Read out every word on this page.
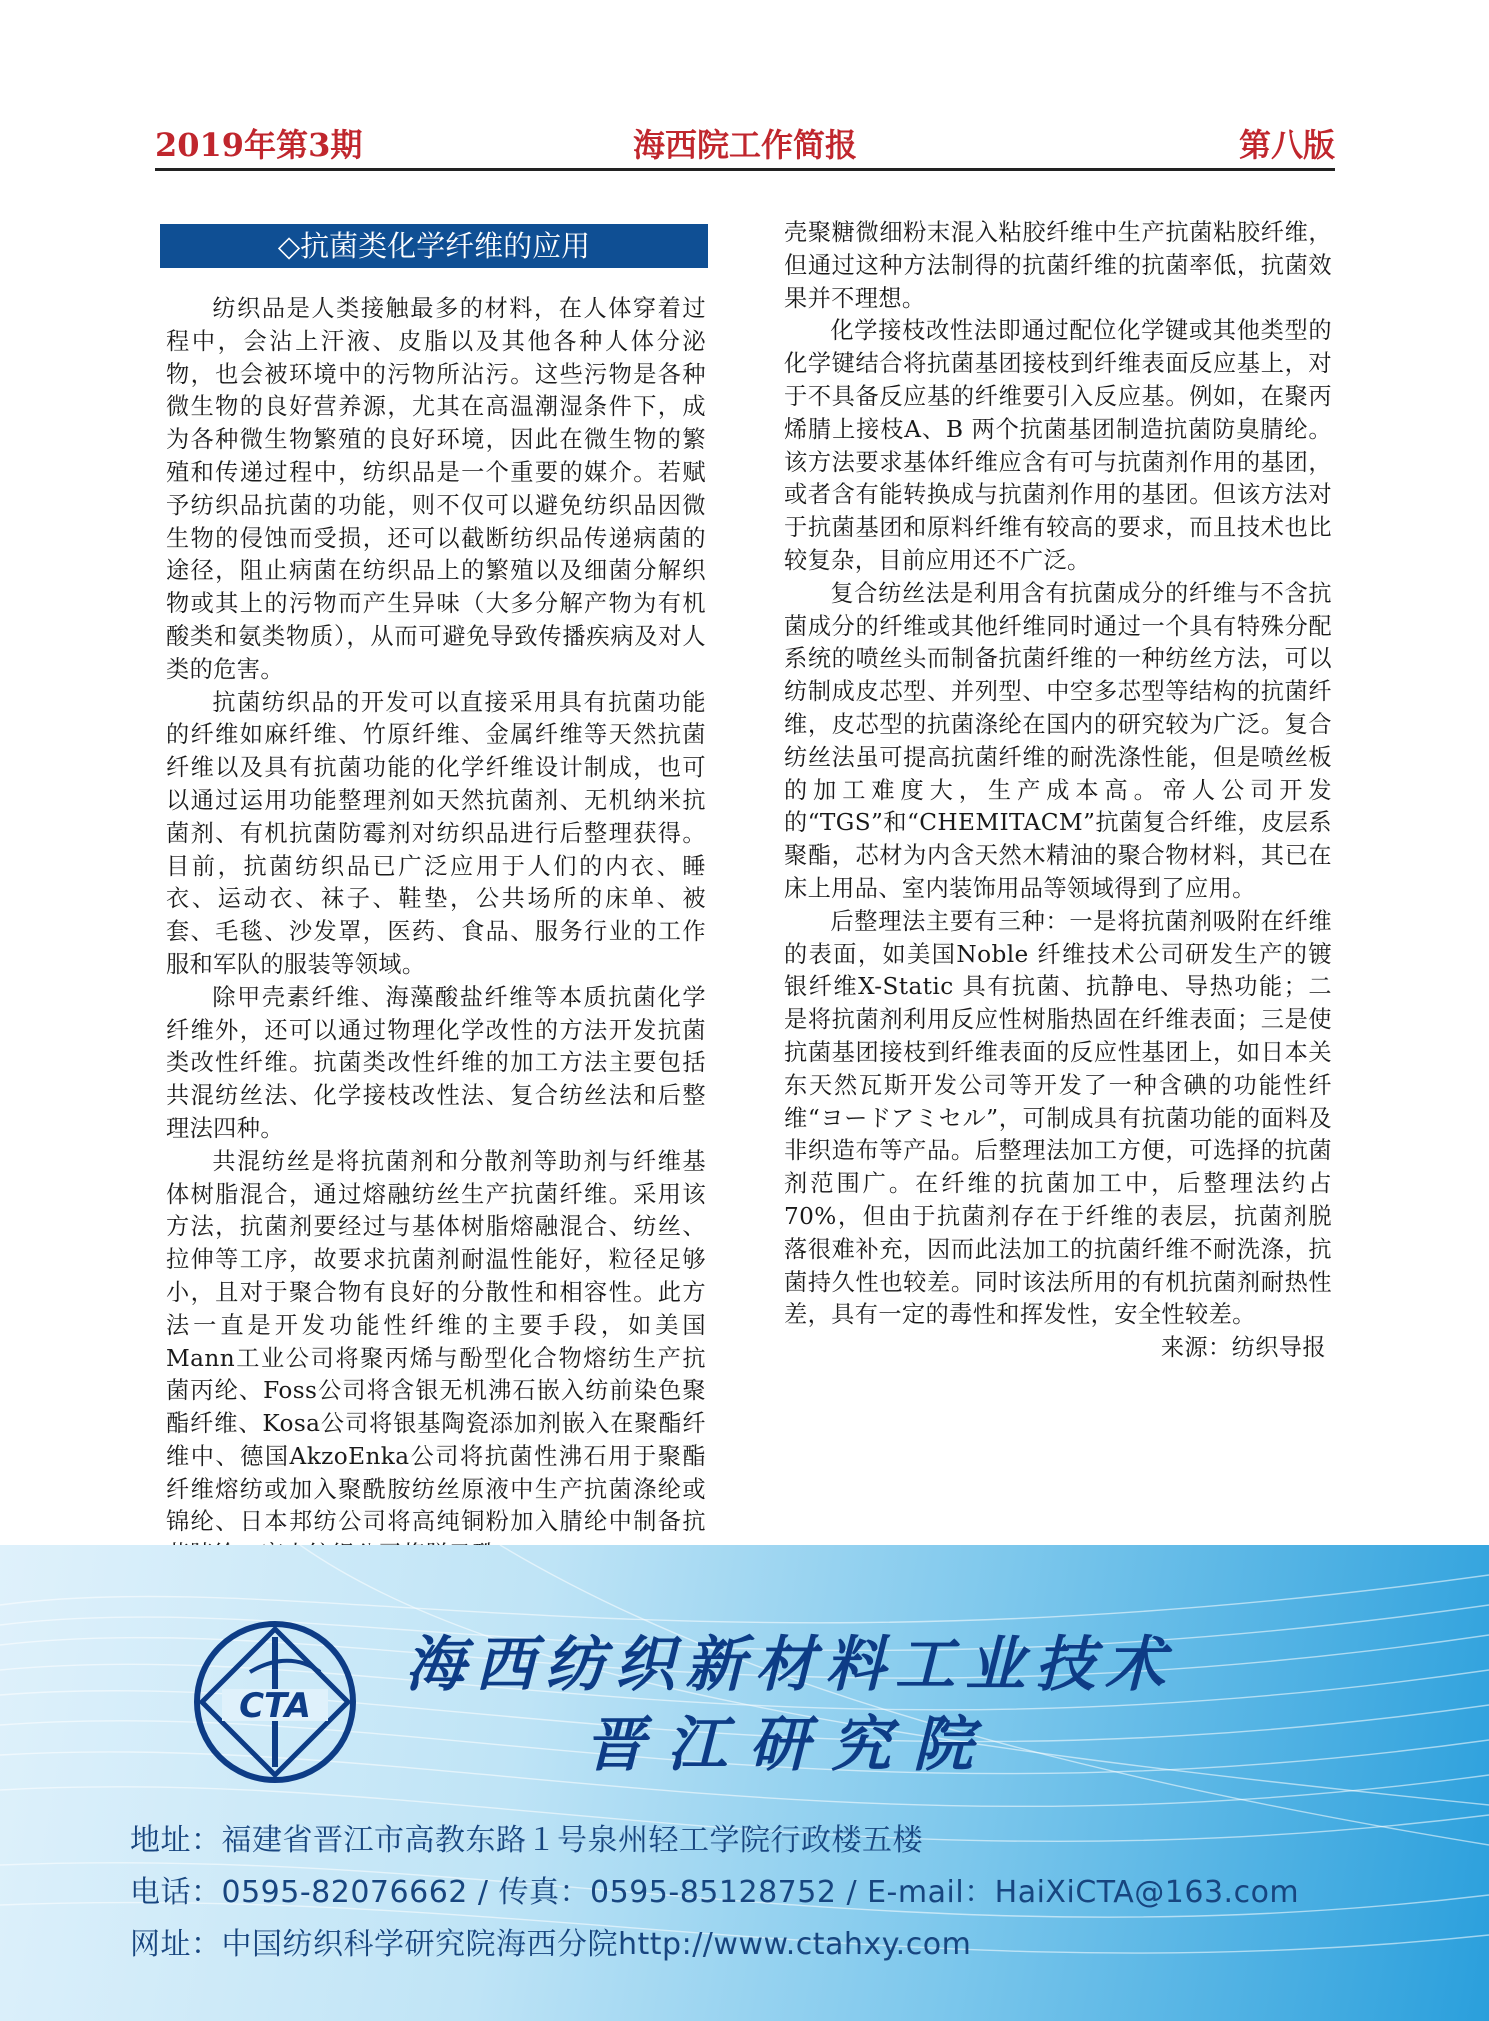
2019年第3期	海西院工作简报	第八版
◇抗菌类化学纤维的应用

纺织品是人类接触最多的材料，在人体穿着过程中，会沾上汗液、皮脂以及其他各种人体分泌物，也会被环境中的污物所沾污。这些污物是各种微生物的良好营养源，尤其在高温潮湿条件下，成为各种微生物繁殖的良好环境，因此在微生物的繁殖和传递过程中，纺织品是一个重要的媒介。若赋予纺织品抗菌的功能，则不仅可以避免纺织品因微生物的侵蚀而受损，还可以截断纺织品传递病菌的途径，阻止病菌在纺织品上的繁殖以及细菌分解织物或其上的污物而产生异味（大多分解产物为有机酸类和氨类物质），从而可避免导致传播疾病及对人类的危害。

抗菌纺织品的开发可以直接采用具有抗菌功能的纤维如麻纤维、竹原纤维、金属纤维等天然抗菌纤维以及具有抗菌功能的化学纤维设计制成，也可以通过运用功能整理剂如天然抗菌剂、无机纳米抗菌剂、有机抗菌防霉剂对纺织品进行后整理获得。目前，抗菌纺织品已广泛应用于人们的内衣、睡衣、运动衣、袜子、鞋垫，公共场所的床单、被套、毛毯、沙发罩，医药、食品、服务行业的工作服和军队的服装等领域。

除甲壳素纤维、海藻酸盐纤维等本质抗菌化学纤维外，还可以通过物理化学改性的方法开发抗菌类改性纤维。抗菌类改性纤维的加工方法主要包括共混纺丝法、化学接枝改性法、复合纺丝法和后整理法四种。

共混纺丝是将抗菌剂和分散剂等助剂与纤维基体树脂混合，通过熔融纺丝生产抗菌纤维。采用该方法，抗菌剂要经过与基体树脂熔融混合、纺丝、拉伸等工序，故要求抗菌剂耐温性能好，粒径足够小，且对于聚合物有良好的分散性和相容性。此方法一直是开发功能性纤维的主要手段，如美国Mann工业公司将聚丙烯与酚型化合物熔纺生产抗菌丙纶、Foss公司将含银无机沸石嵌入纺前染色聚酯纤维、Kosa公司将银基陶瓷添加剂嵌入在聚酯纤维中、德国AkzoEnka公司将抗菌性沸石用于聚酯纤维熔纺或加入聚酰胺纺丝原液中生产抗菌涤纶或锦纶、日本邦纺公司将高纯铜粉加入腈纶中制备抗

壳聚糖微细粉末混入粘胶纤维中生产抗菌粘胶纤维，但通过这种方法制得的抗菌纤维的抗菌率低，抗菌效果并不理想。

化学接枝改性法即通过配位化学键或其他类型的化学键结合将抗菌基团接枝到纤维表面反应基上，对于不具备反应基的纤维要引入反应基。例如，在聚丙烯腈上接枝A、B 两个抗菌基团制造抗菌防臭腈纶。该方法要求基体纤维应含有可与抗菌剂作用的基团，或者含有能转换成与抗菌剂作用的基团。但该方法对于抗菌基团和原料纤维有较高的要求，而且技术也比较复杂，目前应用还不广泛。

复合纺丝法是利用含有抗菌成分的纤维与不含抗菌成分的纤维或其他纤维同时通过一个具有特殊分配系统的喷丝头而制备抗菌纤维的一种纺丝方法，可以纺制成皮芯型、并列型、中空多芯型等结构的抗菌纤维，皮芯型的抗菌涤纶在国内的研究较为广泛。复合纺丝法虽可提高抗菌纤维的耐洗涤性能，但是喷丝板的加工难度大，生产成本高。帝人公司开发的“TGS”和“CHEMITACM”抗菌复合纤维，皮层系聚酯，芯材为内含天然木精油的聚合物材料，其已在床上用品、室内装饰用品等领域得到了应用。

后整理法主要有三种：一是将抗菌剂吸附在纤维的表面，如美国Noble 纤维技术公司研发生产的镀银纤维X-Static 具有抗菌、抗静电、导热功能；二是将抗菌剂利用反应性树脂热固在纤维表面；三是使抗菌基团接枝到纤维表面的反应性基团上，如日本关东天然瓦斯开发公司等开发了一种含碘的功能性纤维“ヨードアミセル”，可制成具有抗菌功能的面料及非织造布等产品。后整理法加工方便，可选择的抗菌剂范围广。在纤维的抗菌加工中，后整理法约占70%，但由于抗菌剂存在于纤维的表层，抗菌剂脱落很难补充，因而此法加工的抗菌纤维不耐洗涤，抗菌持久性也较差。同时该法所用的有机抗菌剂耐热性差，具有一定的毒性和挥发性，安全性较差。

来源：纺织导报

CTA
海西纺织新材料工业技术
晋江研究院
地址：福建省晋江市高教东路１号泉州轻工学院行政楼五楼
电话：0595-82076662 / 传真：0595-85128752 / E-mail：HaiXiCTA@163.com
网址：中国纺织科学研究院海西分院http://www.ctahxy.com
